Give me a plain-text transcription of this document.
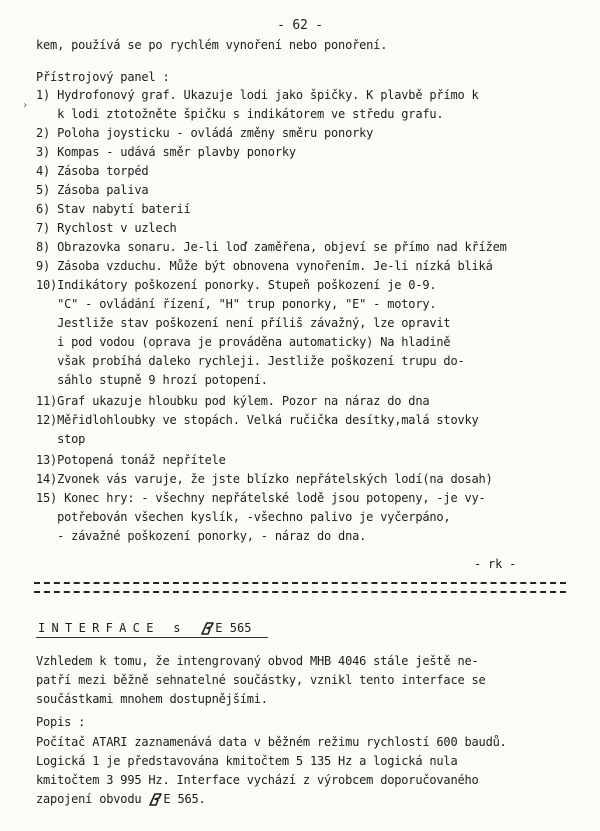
- 62 -
kem, používá se po rychlém vynoření nebo ponoření.
Přístrojový panel :
1) Hydrofonový graf. Ukazuje lodi jako špičky. K plavbě přímo k
k lodi ztotožněte špičku s indikátorem ve středu grafu.
2) Poloha joysticku - ovládá změny směru ponorky
3) Kompas - udává směr plavby ponorky
4) Zásoba torpéd
5) Zásoba paliva
6) Stav nabytí baterií
7) Rychlost v uzlech
8) Obrazovka sonaru. Je-li loď zaměřena, objeví se přímo nad křížem
9) Zásoba vzduchu. Může být obnovena vynořením. Je-li nízká bliká
10)Indikátory poškození ponorky. Stupeň poškození je 0-9.
"C" - ovládání řízení, "H" trup ponorky, "E" - motory.
Jestliže stav poškození není příliš závažný, lze opravit
i pod vodou (oprava je prováděna automaticky) Na hladině
však probíhá daleko rychleji. Jestliže poškození trupu do-
sáhlo stupně 9 hrozí potopení.
11)Graf ukazuje hloubku pod kýlem. Pozor na náraz do dna
12)Měřidlohloubky ve stopách. Velká ručička desítky,malá stovky
stop
13)Potopená tonáž nepřítele
14)Zvonek vás varuje, že jste blízko nepřátelských lodí(na dosah)
15) Konec hry: - všechny nepřátelské lodě jsou potopeny, -je vy-
potřebován všechen kyslík, -všechno palivo je vyčerpáno,
- závažné poškození ponorky, - náraz do dna.
- rk -
INTERFACE s E 565
Vzhledem k tomu, že intengrovaný obvod MHB 4046 stále ještě ne-
patří mezi běžně sehnatelné součástky, vznikl tento interface se
součástkami mnohem dostupnějšími.
Popis :
Počítač ATARI zaznamenává data v běžném režimu rychlostí 600 baudů.
Logická 1 je představována kmitočtem 5 135 Hz a logická nula
kmitočtem 3 995 Hz. Interface vychází z výrobcem doporučovaného
zapojení obvodu E 565.
›
